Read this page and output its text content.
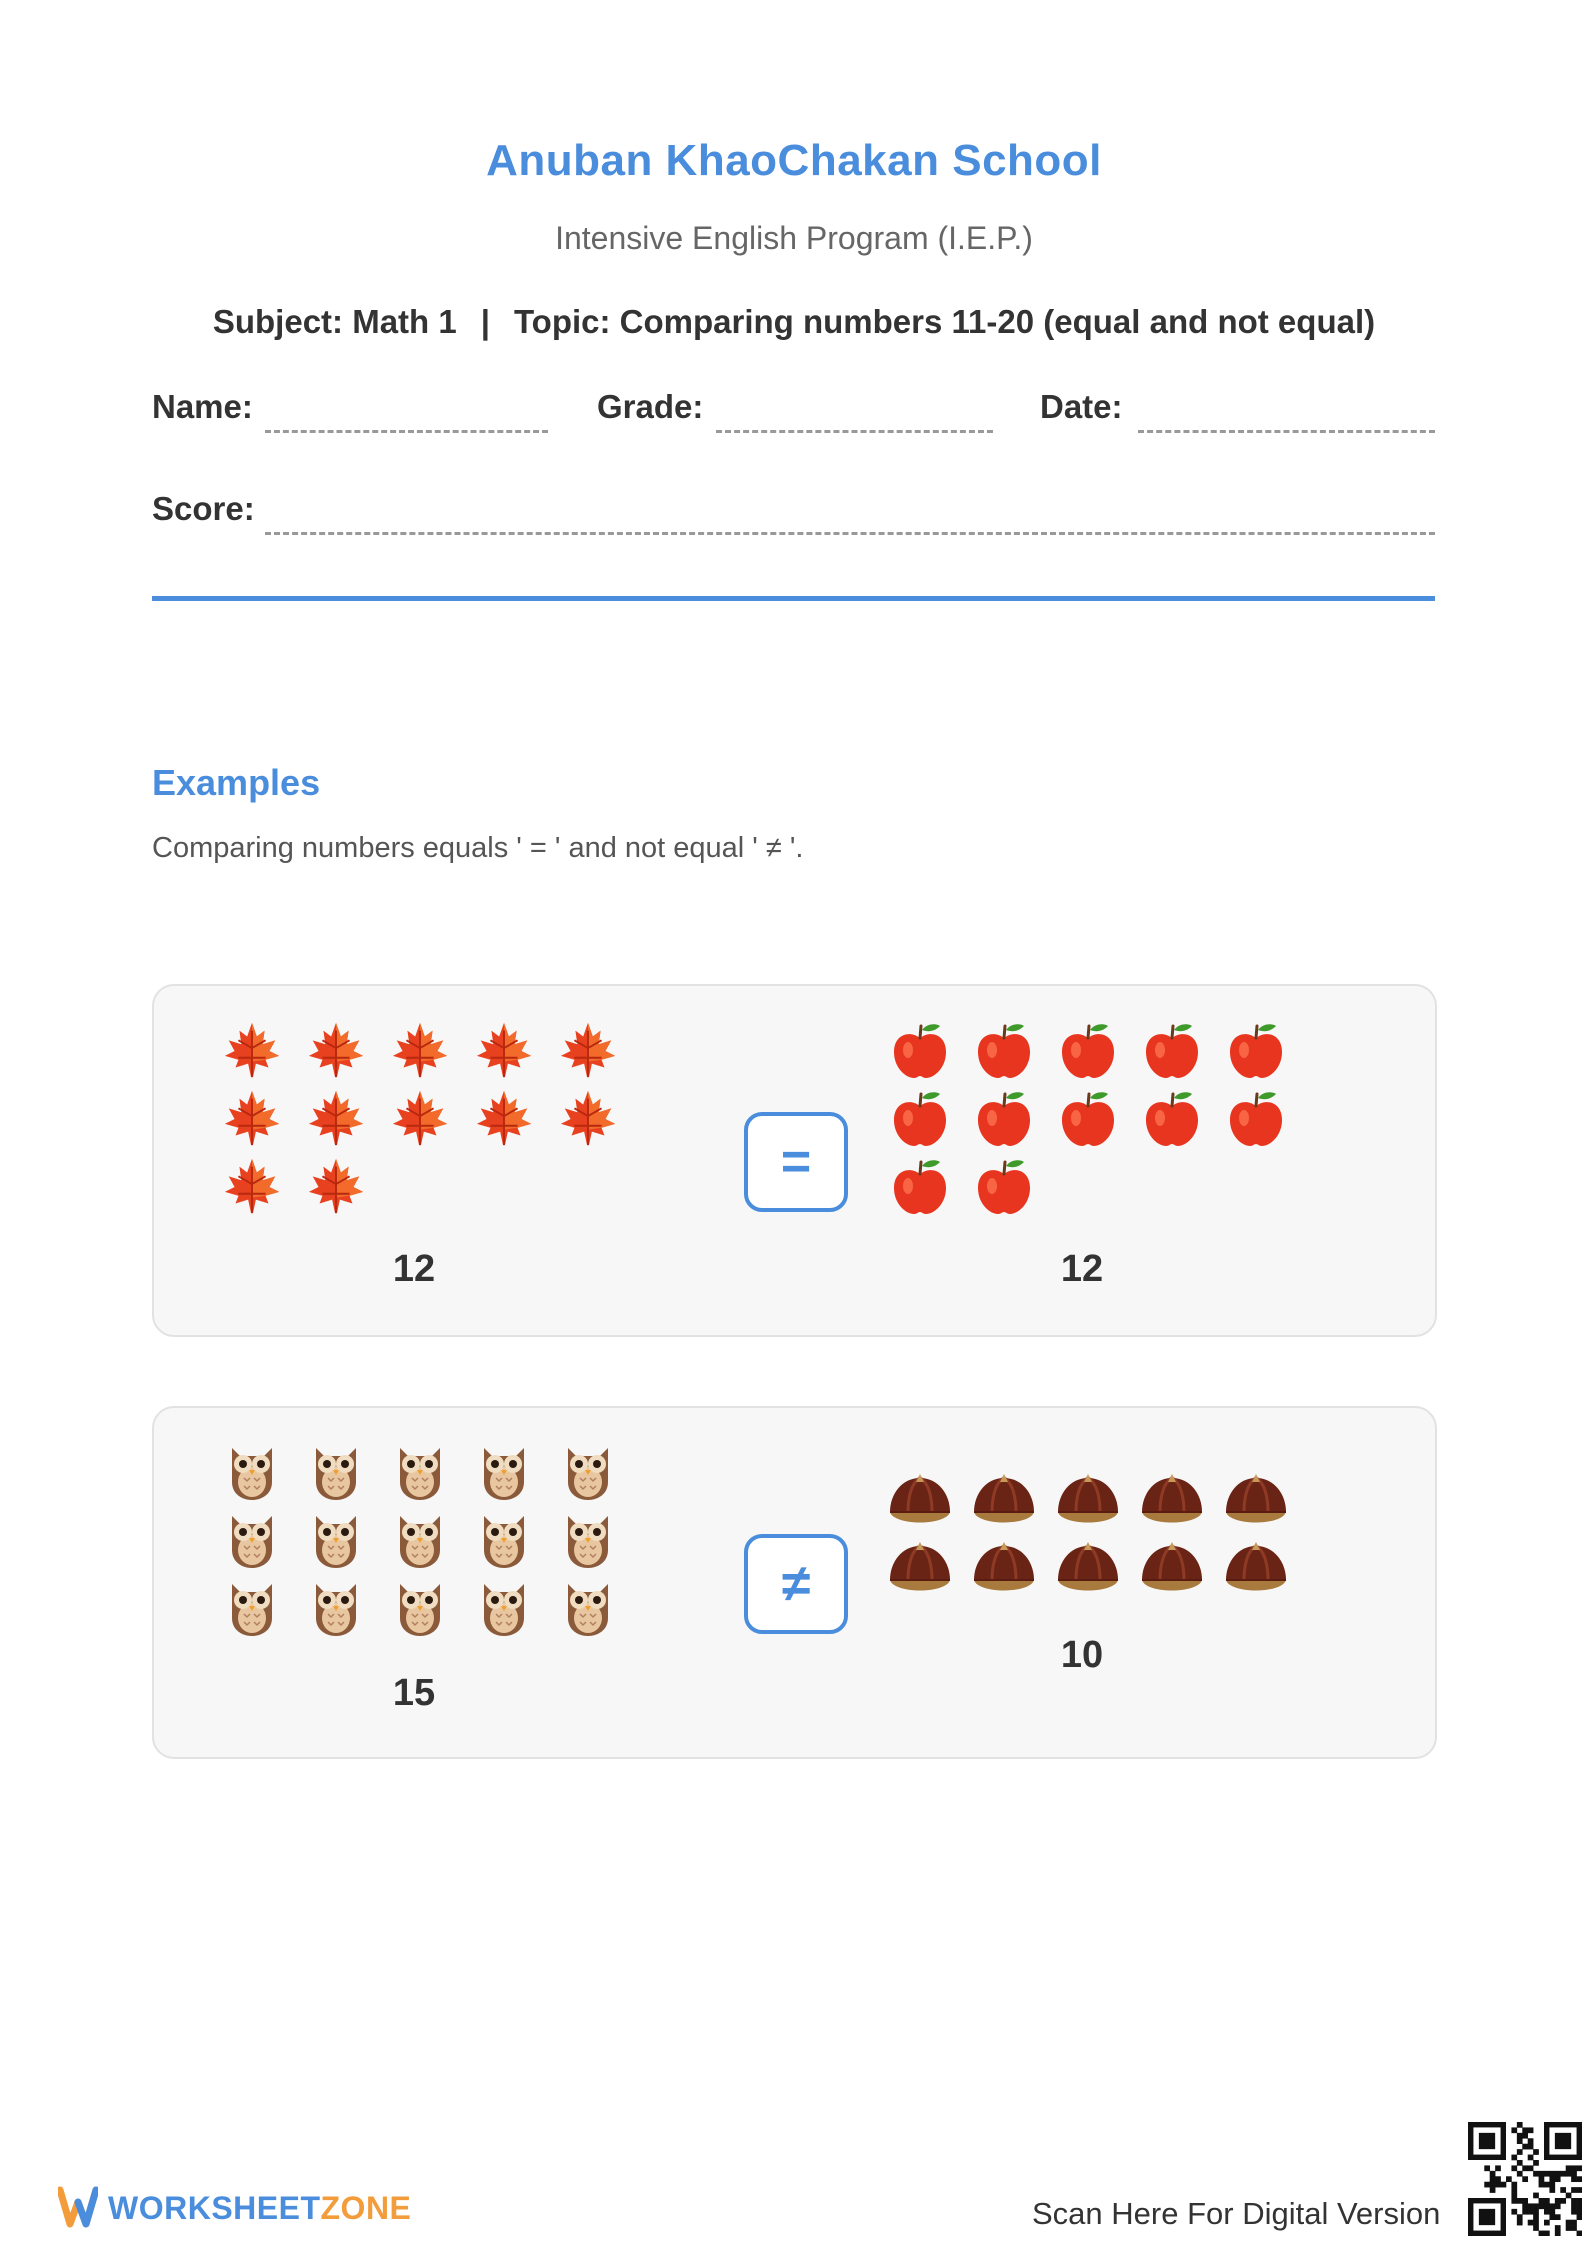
Anuban KhaoChakan School
Intensive English Program (I.E.P.)
Subject: Math 1 | Topic: Comparing numbers 11-20 (equal and not equal)
Name:	Grade:	Date:
Score:
Examples
Comparing numbers equals ' = ' and not equal ' ≠ '.
12
=
12
15
≠
10
WORKSHEETZONE	Scan Here For Digital Version
